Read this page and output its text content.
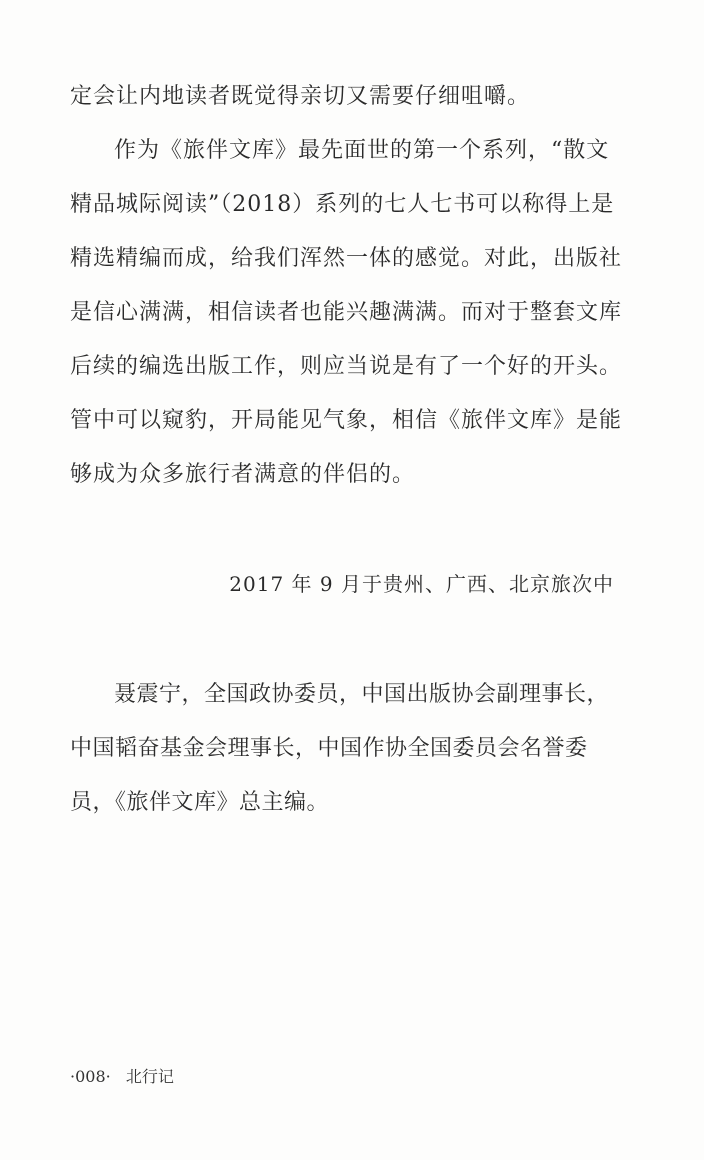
定会让内地读者既觉得亲切又需要仔细咀嚼。

作为《旅伴文库》最先面世的第一个系列，“散文精品城际阅读”（2018）系列的七人七书可以称得上是精选精编而成，给我们浑然一体的感觉。对此，出版社是信心满满，相信读者也能兴趣满满。而对于整套文库后续的编选出版工作，则应当说是有了一个好的开头。管中可以窥豹，开局能见气象，相信《旅伴文库》是能够成为众多旅行者满意的伴侣的。

2017 年 9 月于贵州、广西、北京旅次中

聂震宁，全国政协委员，中国出版协会副理事长，中国韬奋基金会理事长，中国作协全国委员会名誉委员，《旅伴文库》总主编。

·008· 北行记
